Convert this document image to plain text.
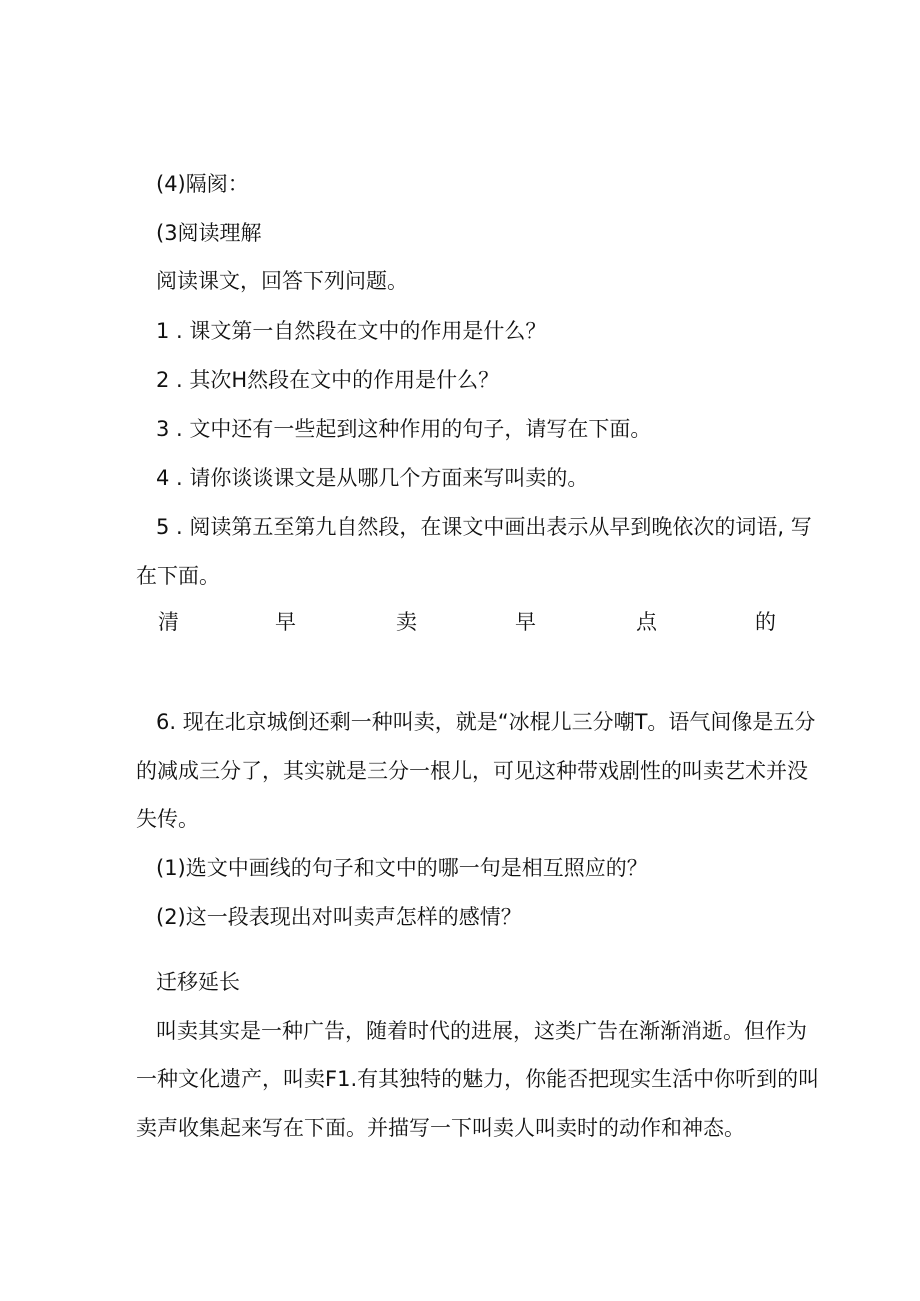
(4)隔阂：
(3阅读理解
阅读课文，回答下列问题。
1 . 课文第一自然段在文中的作用是什么？
2 . 其次H然段在文中的作用是什么？
3 . 文中还有一些起到这种作用的句子，请写在下面。
4 . 请你谈谈课文是从哪几个方面来写叫卖的。
5 . 阅读第五至第九自然段，在课文中画出表示从早到晚依次的词语, 写
在下面。
清	早	卖	早	点	的
6. 现在北京城倒还剩一种叫卖，就是“冰棍儿三分嘲T。语气间像是五分
的减成三分了，其实就是三分一根儿，可见这种带戏剧性的叫卖艺术并没
失传。
(1)选文中画线的句子和文中的哪一句是相互照应的？
(2)这一段表现出对叫卖声怎样的感情？
迁移延长
叫卖其实是一种广告，随着时代的进展，这类广告在渐渐消逝。但作为
一种文化遗产，叫卖F1.有其独特的魅力，你能否把现实生活中你听到的叫
卖声收集起来写在下面。并描写一下叫卖人叫卖时的动作和神态。
